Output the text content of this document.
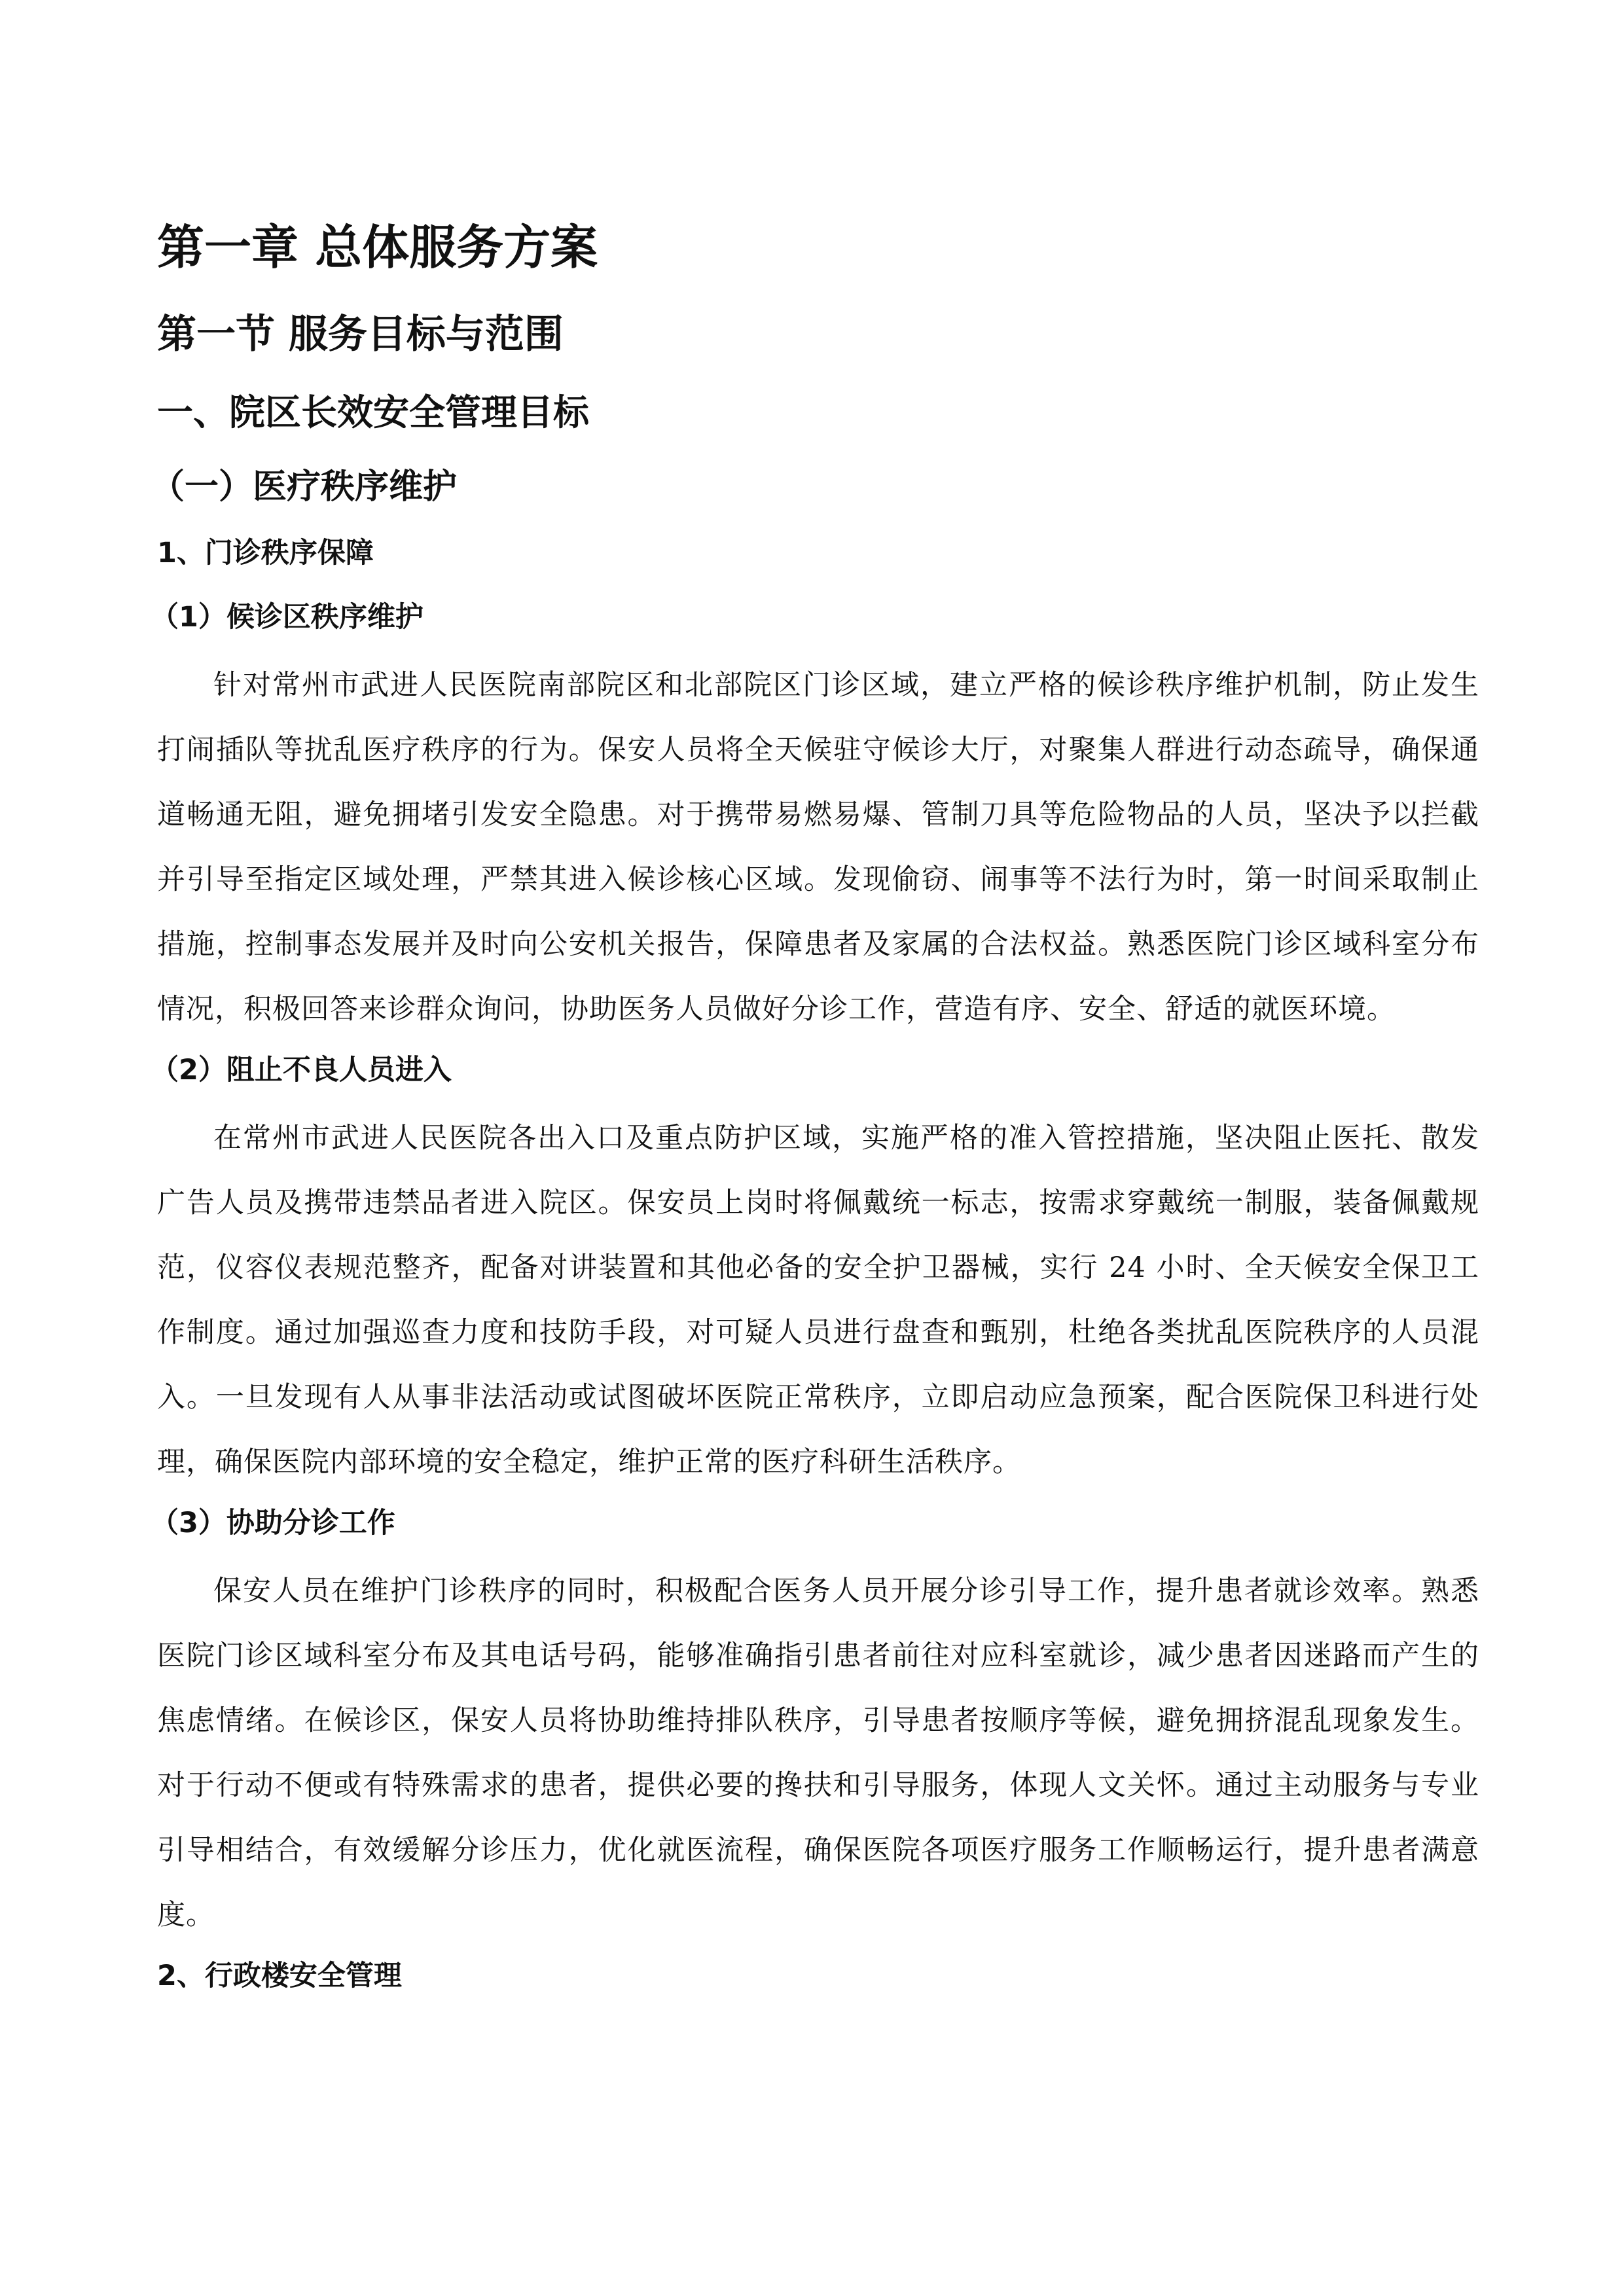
第一章 总体服务方案
第一节 服务目标与范围
一、院区长效安全管理目标
（一）医疗秩序维护
1、门诊秩序保障
（1）候诊区秩序维护

针对常州市武进人民医院南部院区和北部院区门诊区域，建立严格的候诊秩序维护机制，防止发生打闹插队等扰乱医疗秩序的行为。保安人员将全天候驻守候诊大厅，对聚集人群进行动态疏导，确保通道畅通无阻，避免拥堵引发安全隐患。对于携带易燃易爆、管制刀具等危险物品的人员，坚决予以拦截并引导至指定区域处理，严禁其进入候诊核心区域。发现偷窃、闹事等不法行为时，第一时间采取制止措施，控制事态发展并及时向公安机关报告，保障患者及家属的合法权益。熟悉医院门诊区域科室分布情况，积极回答来诊群众询问，协助医务人员做好分诊工作，营造有序、安全、舒适的就医环境。

（2）阻止不良人员进入

在常州市武进人民医院各出入口及重点防护区域，实施严格的准入管控措施，坚决阻止医托、散发广告人员及携带违禁品者进入院区。保安员上岗时将佩戴统一标志，按需求穿戴统一制服，装备佩戴规范，仪容仪表规范整齐，配备对讲装置和其他必备的安全护卫器械，实行 24 小时、全天候安全保卫工作制度。通过加强巡查力度和技防手段，对可疑人员进行盘查和甄别，杜绝各类扰乱医院秩序的人员混入。一旦发现有人从事非法活动或试图破坏医院正常秩序，立即启动应急预案，配合医院保卫科进行处理，确保医院内部环境的安全稳定，维护正常的医疗科研生活秩序。

（3）协助分诊工作

保安人员在维护门诊秩序的同时，积极配合医务人员开展分诊引导工作，提升患者就诊效率。熟悉医院门诊区域科室分布及其电话号码，能够准确指引患者前往对应科室就诊，减少患者因迷路而产生的焦虑情绪。在候诊区，保安人员将协助维持排队秩序，引导患者按顺序等候，避免拥挤混乱现象发生。对于行动不便或有特殊需求的患者，提供必要的搀扶和引导服务，体现人文关怀。通过主动服务与专业引导相结合，有效缓解分诊压力，优化就医流程，确保医院各项医疗服务工作顺畅运行，提升患者满意度。

2、行政楼安全管理
